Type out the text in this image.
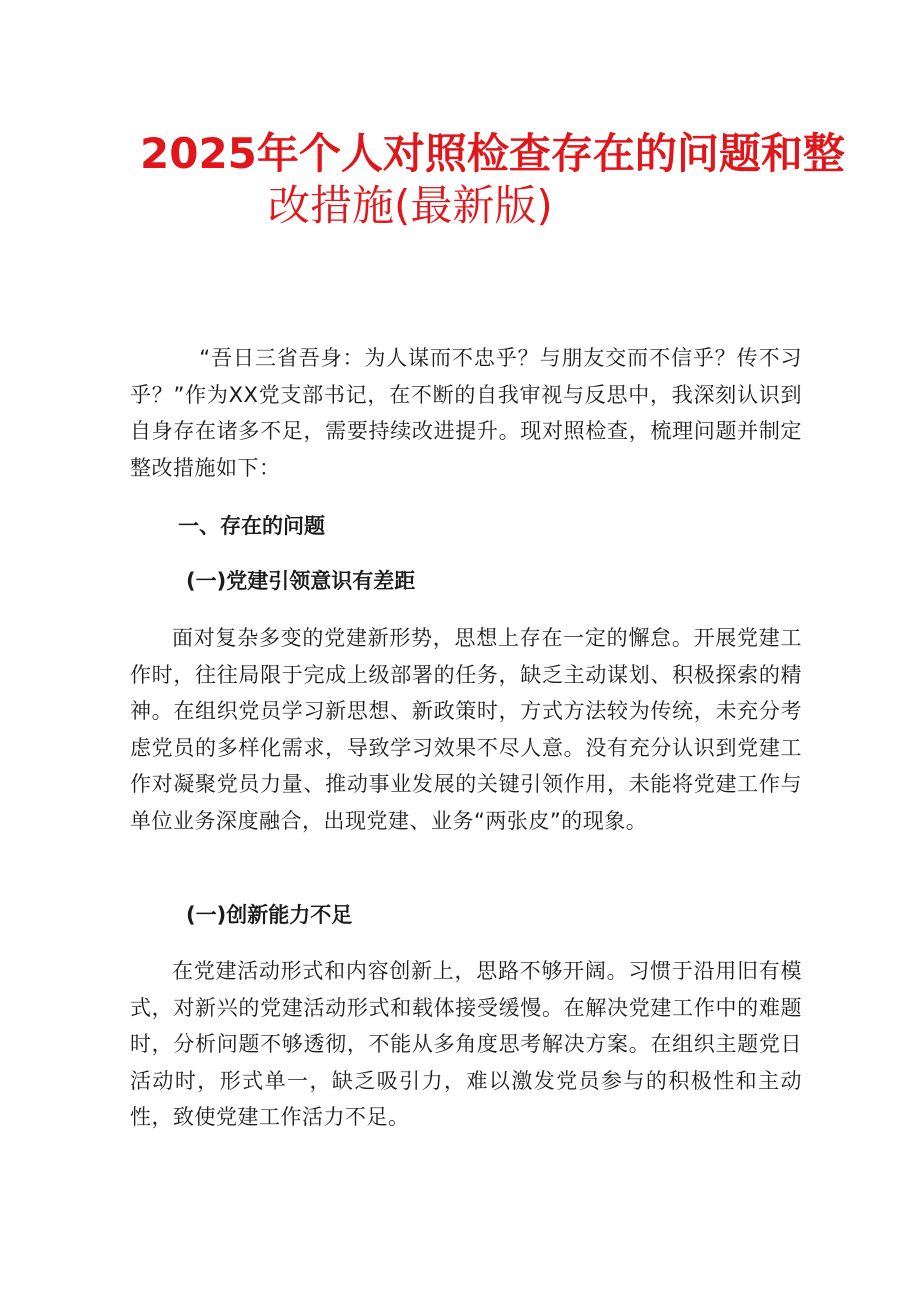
2025年个人对照检查存在的问题和整
改措施(最新版)

“吾日三省吾身：为人谋而不忠乎？与朋友交而不信乎？传不习乎？”作为XX党支部书记，在不断的自我审视与反思中，我深刻认识到自身存在诸多不足，需要持续改进提升。现对照检查，梳理问题并制定整改措施如下：

一、存在的问题
(一)党建引领意识有差距

面对复杂多变的党建新形势，思想上存在一定的懈怠。开展党建工作时，往往局限于完成上级部署的任务，缺乏主动谋划、积极探索的精神。在组织党员学习新思想、新政策时，方式方法较为传统，未充分考虑党员的多样化需求，导致学习效果不尽人意。没有充分认识到党建工作对凝聚党员力量、推动事业发展的关键引领作用，未能将党建工作与单位业务深度融合，出现党建、业务“两张皮”的现象。

(一)创新能力不足

在党建活动形式和内容创新上，思路不够开阔。习惯于沿用旧有模式，对新兴的党建活动形式和载体接受缓慢。在解决党建工作中的难题时，分析问题不够透彻，不能从多角度思考解决方案。在组织主题党日活动时，形式单一，缺乏吸引力，难以激发党员参与的积极性和主动性，致使党建工作活力不足。
